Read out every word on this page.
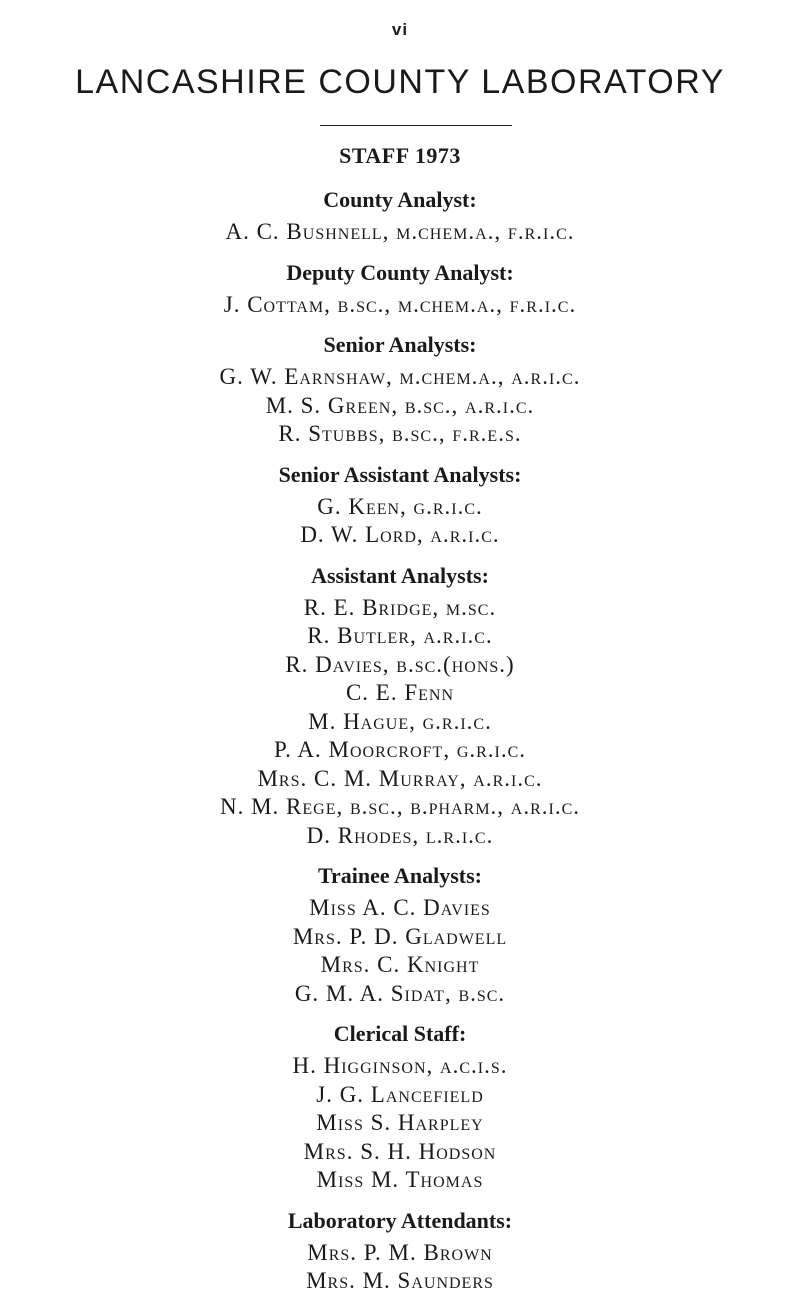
vi
LANCASHIRE COUNTY LABORATORY
STAFF 1973
County Analyst:
A. C. Bushnell, m.chem.a., f.r.i.c.
Deputy County Analyst:
J. Cottam, b.sc., m.chem.a., f.r.i.c.
Senior Analysts:
G. W. Earnshaw, m.chem.a., a.r.i.c.
M. S. Green, b.sc., a.r.i.c.
R. Stubbs, b.sc., f.r.e.s.
Senior Assistant Analysts:
G. Keen, g.r.i.c.
D. W. Lord, a.r.i.c.
Assistant Analysts:
R. E. Bridge, m.sc.
R. Butler, a.r.i.c.
R. Davies, b.sc.(hons.)
C. E. Fenn
M. Hague, g.r.i.c.
P. A. Moorcroft, g.r.i.c.
Mrs. C. M. Murray, a.r.i.c.
N. M. Rege, b.sc., b.pharm., a.r.i.c.
D. Rhodes, l.r.i.c.
Trainee Analysts:
Miss A. C. Davies
Mrs. P. D. Gladwell
Mrs. C. Knight
G. M. A. Sidat, b.sc.
Clerical Staff:
H. Higginson, a.c.i.s.
J. G. Lancefield
Miss S. Harpley
Mrs. S. H. Hodson
Miss M. Thomas
Laboratory Attendants:
Mrs. P. M. Brown
Mrs. M. Saunders
